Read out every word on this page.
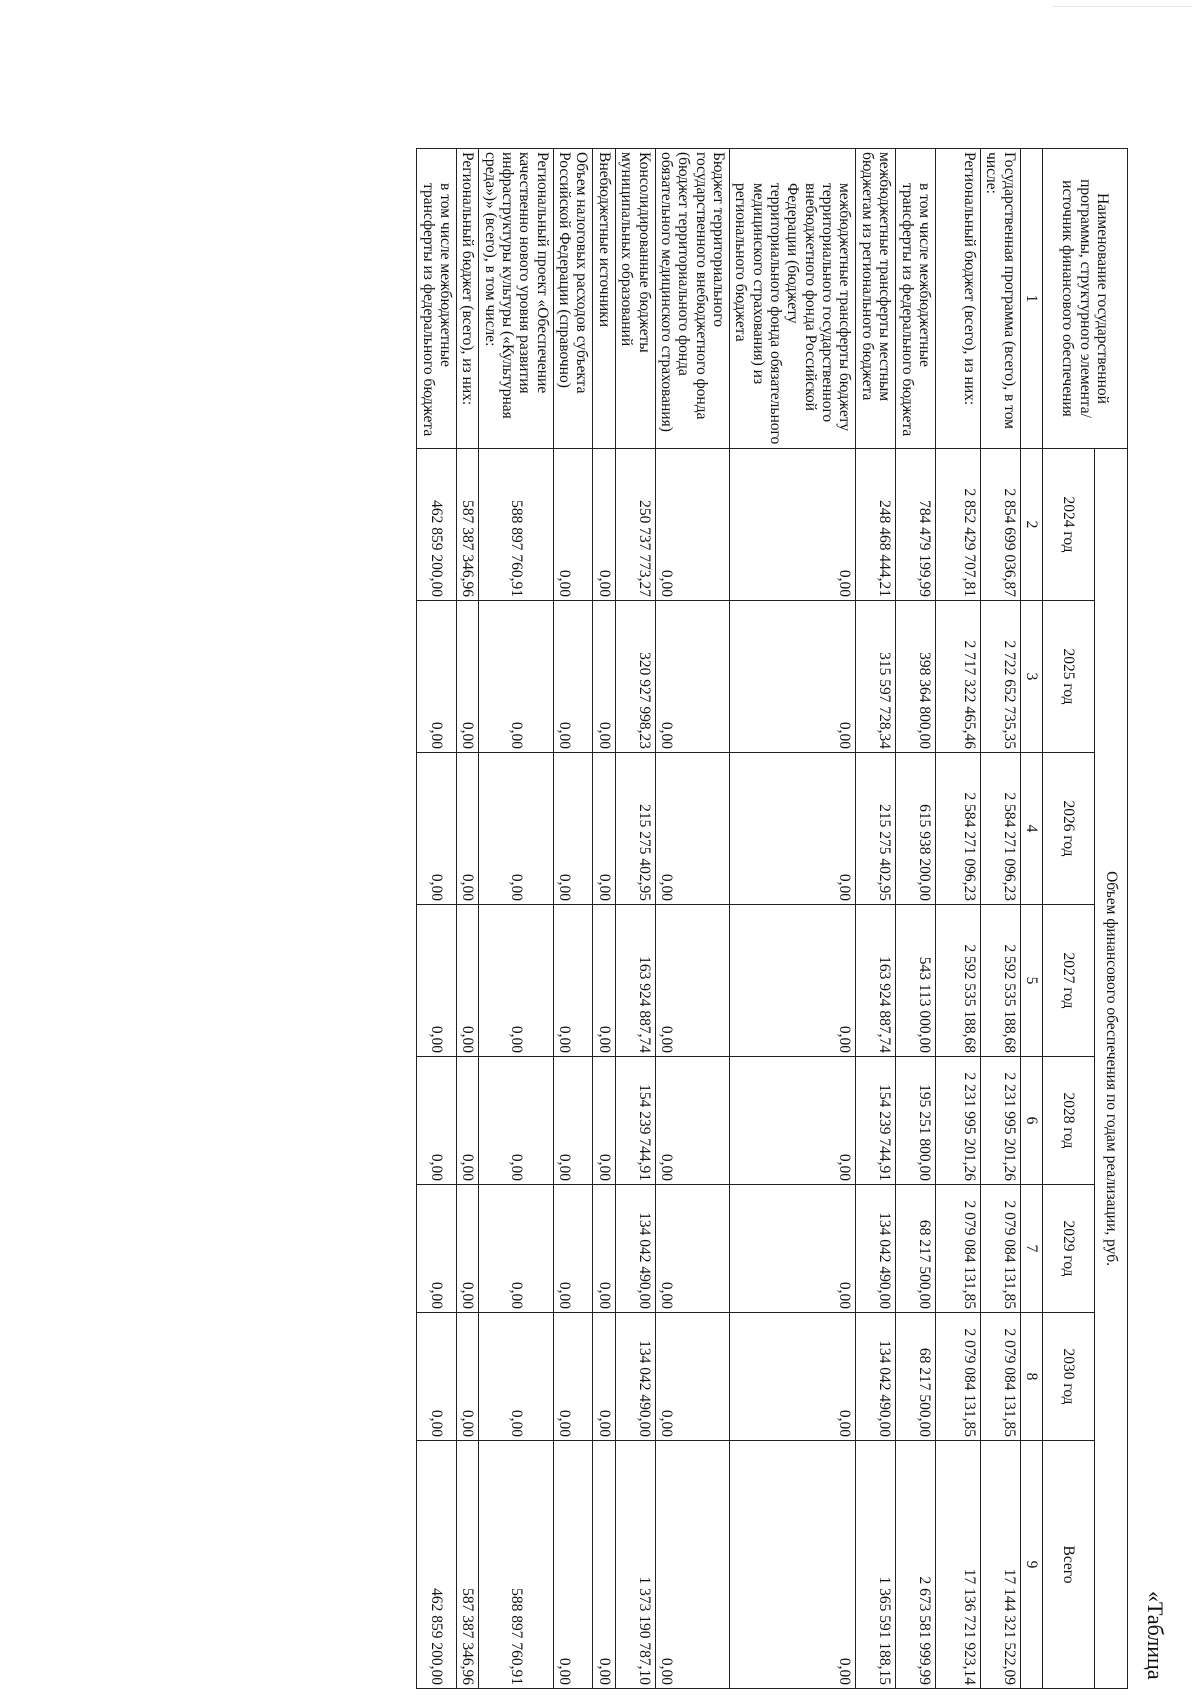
«Таблица
Наименование государственной программы, структурного элемента/источник финансового обеспечения	Объем финансового обеспечения по годам реализации, руб.							
	2024 год	2025 год	2026 год	2027 год	2028 год	2029 год	2030 год	Всего
1	2	3	4	5	6	7	8	9
Государственная программа (всего), в том числе:	2 854 699 036,87	2 722 652 735,35	2 584 271 096,23	2 592 535 188,68	2 231 995 201,26	2 079 084 131,85	2 079 084 131,85	17 144 321 522,09
Региональный бюджет (всего), из них:	2 852 429 707,81	2 717 322 465,46	2 584 271 096,23	2 592 535 188,68	2 231 995 201,26	2 079 084 131,85	2 079 084 131,85	17 136 721 923,14
в том числе межбюджетные трансферты из федерального бюджета	784 479 199,99	398 364 800,00	615 938 200,00	543 113 000,00	195 251 800,00	68 217 500,00	68 217 500,00	2 673 581 999,99
межбюджетные трансферты местным бюджетам из регионального бюджета	248 468 444,21	315 597 728,34	215 275 402,95	163 924 887,74	154 239 744,91	134 042 490,00	134 042 490,00	1 365 591 188,15
межбюджетные трансферты бюджету территориального государственного внебюджетного фонда Российской Федерации (бюджету территориального фонда обязательного медицинского страхования) из регионального бюджета	0,00	0,00	0,00	0,00	0,00	0,00	0,00	0,00
Бюджет территориального государственного внебюджетного фонда (бюджет территориального фонда обязательного медицинского страхования)	0,00	0,00	0,00	0,00	0,00	0,00	0,00	0,00
Консолидированные бюджеты муниципальных образований	250 737 773,27	320 927 998,23	215 275 402,95	163 924 887,74	154 239 744,91	134 042 490,00	134 042 490,00	1 373 190 787,10
Внебюджетные источники	0,00	0,00	0,00	0,00	0,00	0,00	0,00	0,00
Объем налоговых расходов субъекта Российской Федерации (справочно)	0,00	0,00	0,00	0,00	0,00	0,00	0,00	0,00
Региональный проект «Обеспечение качественно нового уровня развития инфраструктуры культуры («Культурная среда»)» (всего), в том числе:	588 897 760,91	0,00	0,00	0,00	0,00	0,00	0,00	588 897 760,91
Региональный бюджет (всего), из них:	587 387 346,96	0,00	0,00	0,00	0,00	0,00	0,00	587 387 346,96
в том числе межбюджетные трансферты из федерального бюджета	462 859 200,00	0,00	0,00	0,00	0,00	0,00	0,00	462 859 200,00
